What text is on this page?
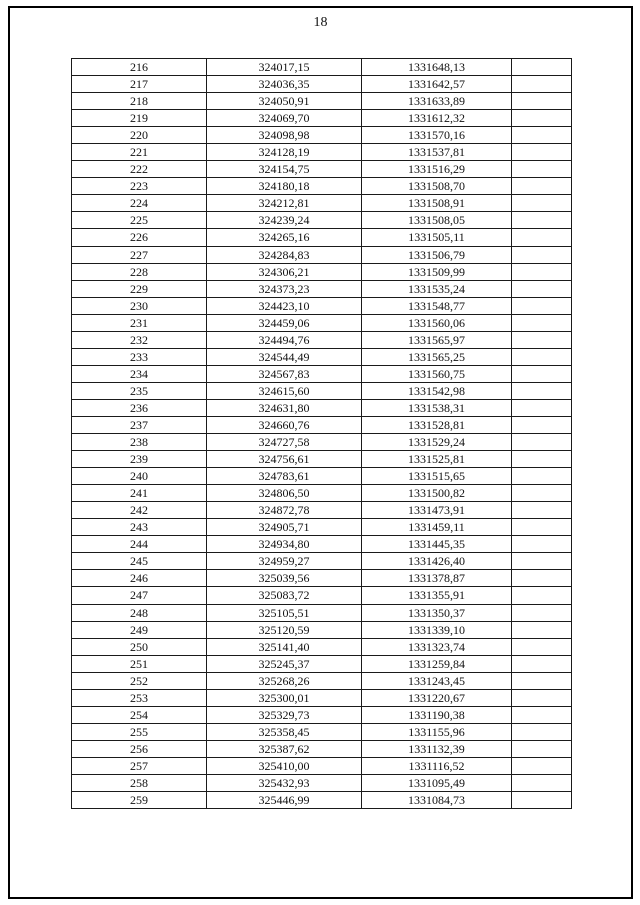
18
216	324017,15	1331648,13	
217	324036,35	1331642,57	
218	324050,91	1331633,89	
219	324069,70	1331612,32	
220	324098,98	1331570,16	
221	324128,19	1331537,81	
222	324154,75	1331516,29	
223	324180,18	1331508,70	
224	324212,81	1331508,91	
225	324239,24	1331508,05	
226	324265,16	1331505,11	
227	324284,83	1331506,79	
228	324306,21	1331509,99	
229	324373,23	1331535,24	
230	324423,10	1331548,77	
231	324459,06	1331560,06	
232	324494,76	1331565,97	
233	324544,49	1331565,25	
234	324567,83	1331560,75	
235	324615,60	1331542,98	
236	324631,80	1331538,31	
237	324660,76	1331528,81	
238	324727,58	1331529,24	
239	324756,61	1331525,81	
240	324783,61	1331515,65	
241	324806,50	1331500,82	
242	324872,78	1331473,91	
243	324905,71	1331459,11	
244	324934,80	1331445,35	
245	324959,27	1331426,40	
246	325039,56	1331378,87	
247	325083,72	1331355,91	
248	325105,51	1331350,37	
249	325120,59	1331339,10	
250	325141,40	1331323,74	
251	325245,37	1331259,84	
252	325268,26	1331243,45	
253	325300,01	1331220,67	
254	325329,73	1331190,38	
255	325358,45	1331155,96	
256	325387,62	1331132,39	
257	325410,00	1331116,52	
258	325432,93	1331095,49	
259	325446,99	1331084,73	
